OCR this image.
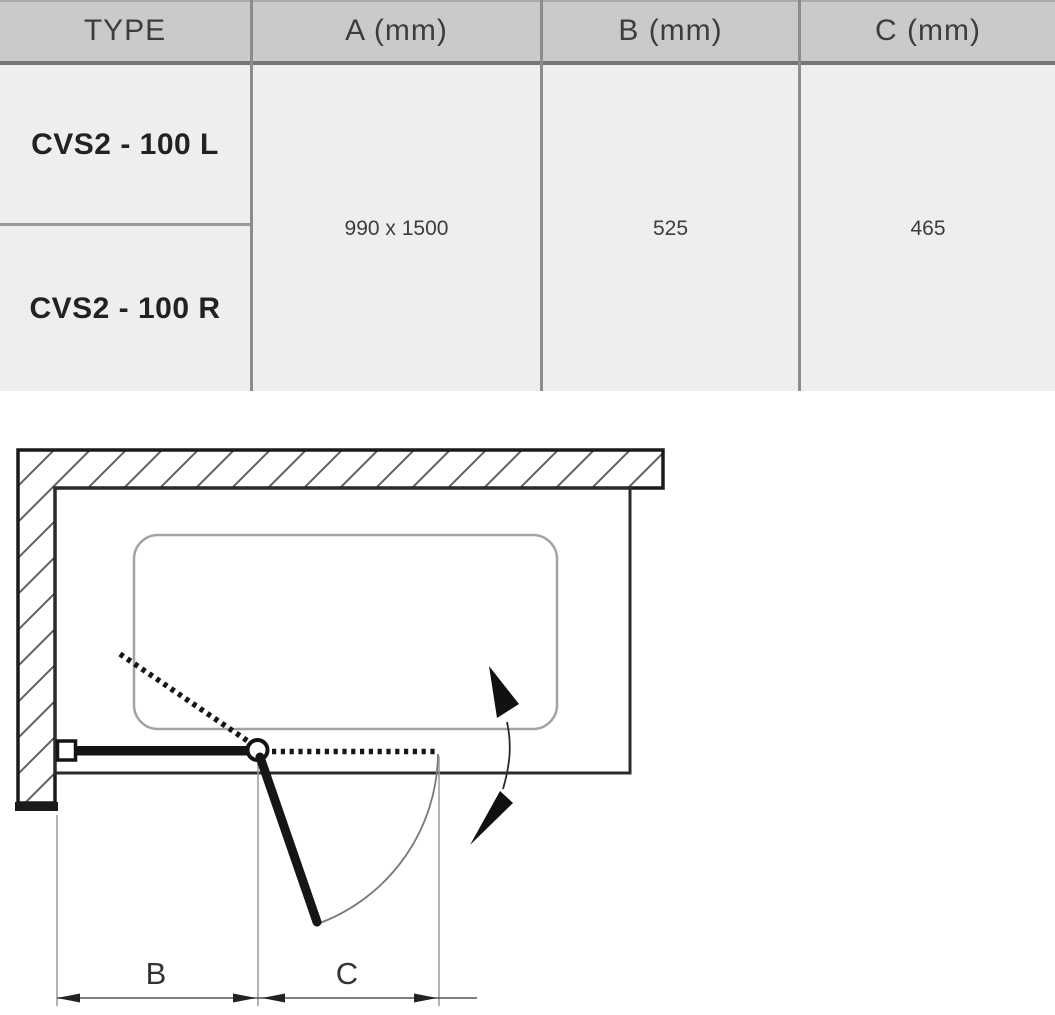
TYPE	A (mm)	B (mm)	C (mm)
CVS2 - 100 L
CVS2 - 100 R
990 x 1500	525	465
B	C
